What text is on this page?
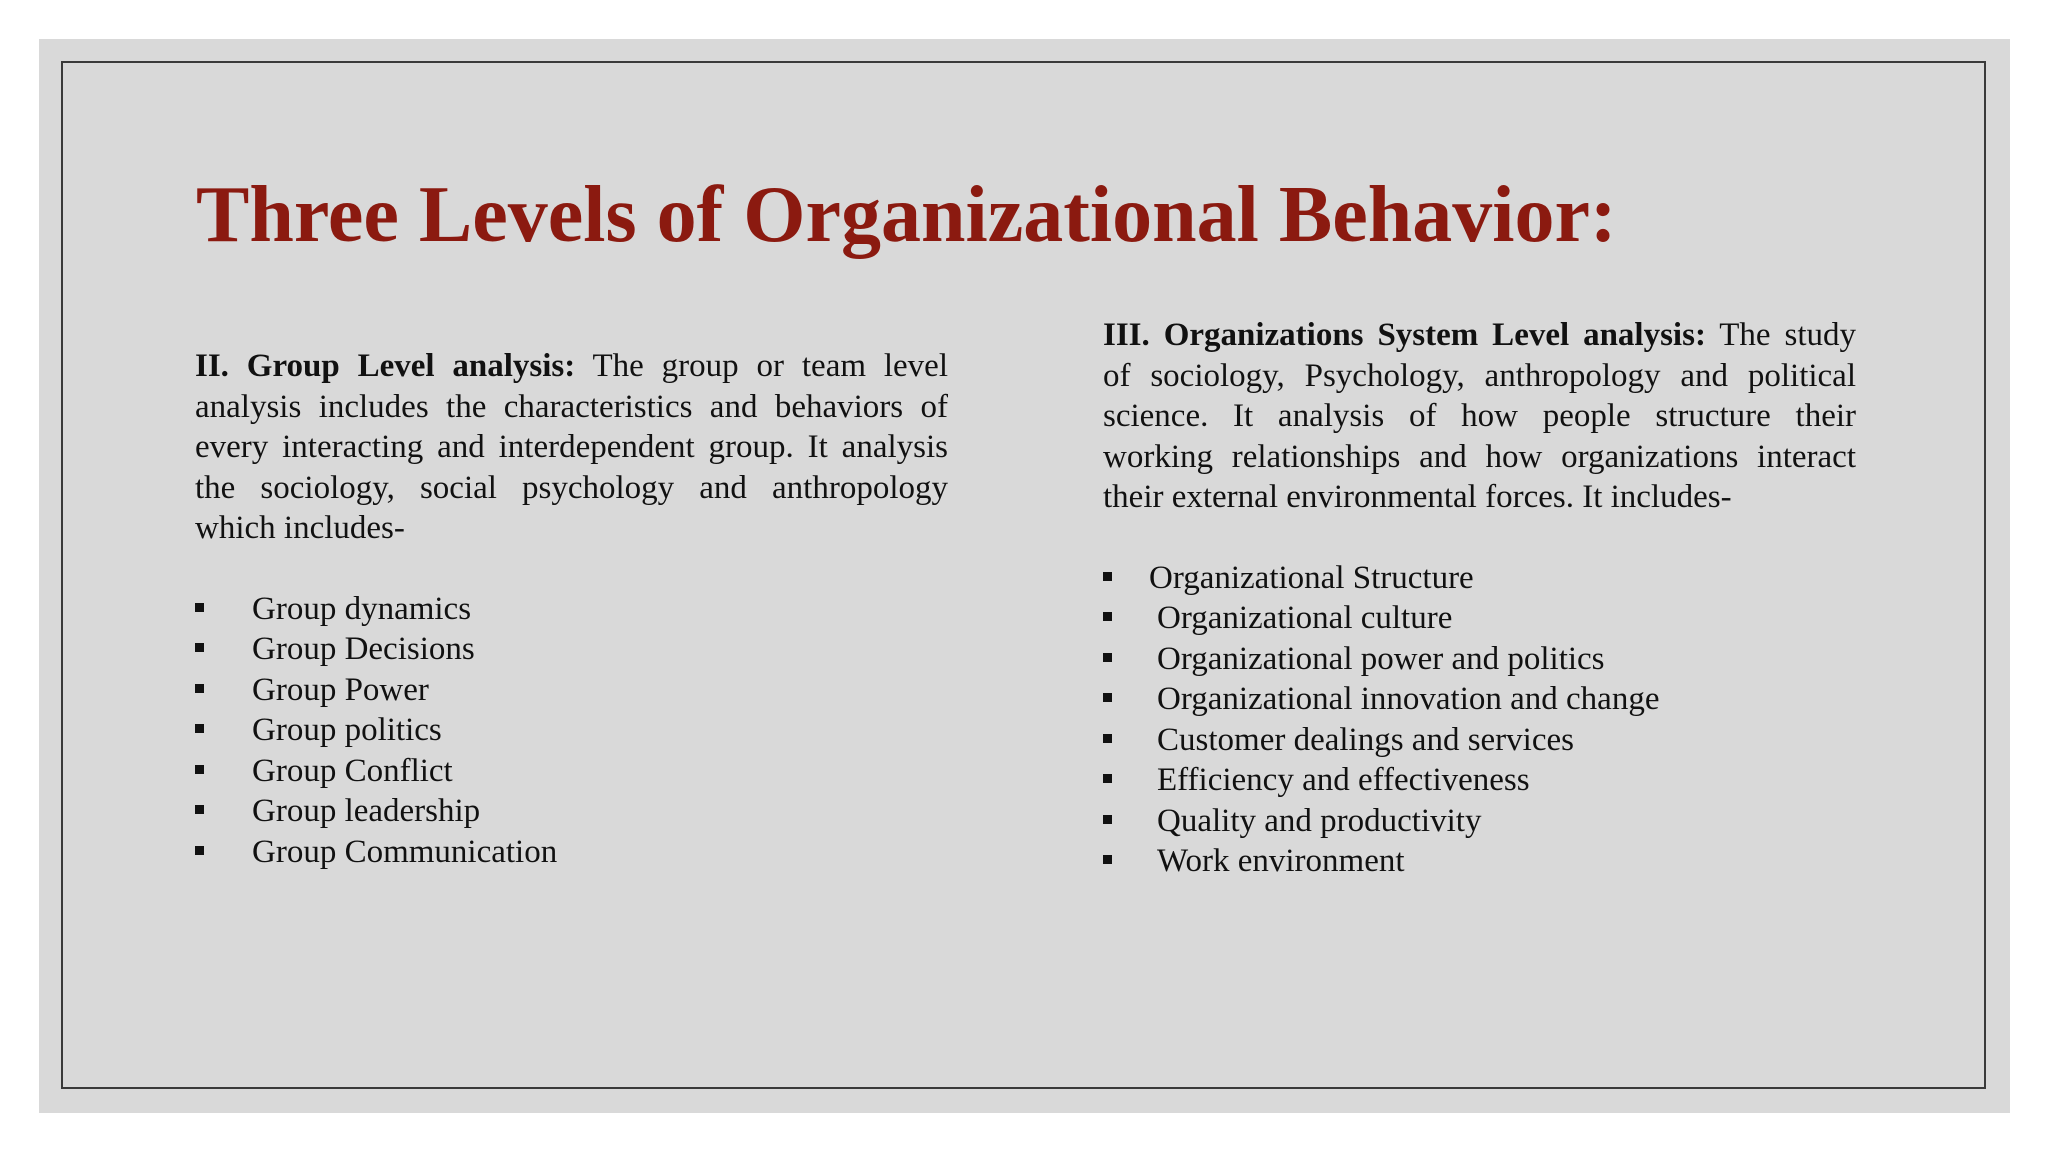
Three Levels of Organizational Behavior:

II. Group Level analysis: The group or team level analysis includes the characteristics and behaviors of every interacting and interdependent group. It analysis the sociology, social psychology and anthropology which includes-

Group dynamics
Group Decisions
Group Power
Group politics
Group Conflict
Group leadership
Group Communication

III. Organizations System Level analysis: The study of sociology, Psychology, anthropology and political science. It analysis of how people structure their working relationships and how organizations interact their external environmental forces. It includes-

Organizational Structure
Organizational culture
Organizational power and politics
Organizational innovation and change
Customer dealings and services
Efficiency and effectiveness
Quality and productivity
Work environment
